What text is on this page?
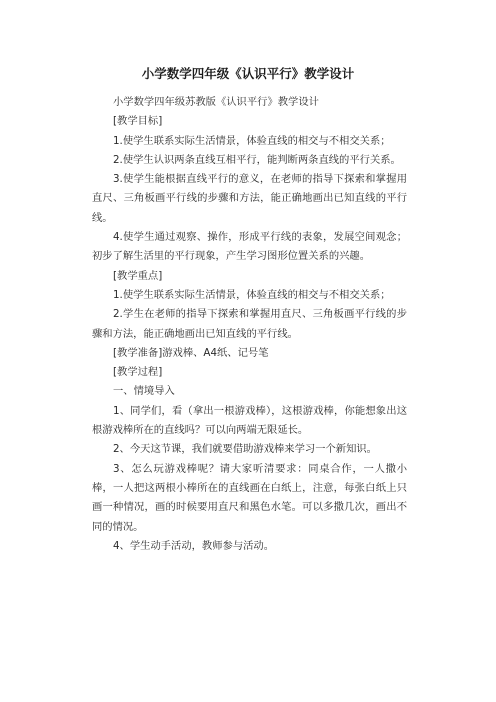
小学数学四年级《认识平行》教学设计

小学数学四年级苏教版《认识平行》教学设计

[教学目标]

1.使学生联系实际生活情景，体验直线的相交与不相交关系；

2.使学生认识两条直线互相平行，能判断两条直线的平行关系。

3.使学生能根据直线平行的意义，在老师的指导下探索和掌握用直尺、三角板画平行线的步骤和方法，能正确地画出已知直线的平行线。

4.使学生通过观察、操作，形成平行线的表象，发展空间观念；初步了解生活里的平行现象，产生学习图形位置关系的兴趣。

[教学重点]

1.使学生联系实际生活情景，体验直线的相交与不相交关系；

2.学生在老师的指导下探索和掌握用直尺、三角板画平行线的步骤和方法，能正确地画出已知直线的平行线。

[教学准备]游戏棒、A4纸、记号笔

[教学过程]

一、情境导入

1、同学们，看（拿出一根游戏棒），这根游戏棒，你能想象出这根游戏棒所在的直线吗？可以向两端无限延长。

2、今天这节课，我们就要借助游戏棒来学习一个新知识。

3、怎么玩游戏棒呢？请大家听清要求：同桌合作，一人撒小棒，一人把这两根小棒所在的直线画在白纸上，注意，每张白纸上只画一种情况，画的时候要用直尺和黑色水笔。可以多撒几次，画出不同的情况。

4、学生动手活动，教师参与活动。
